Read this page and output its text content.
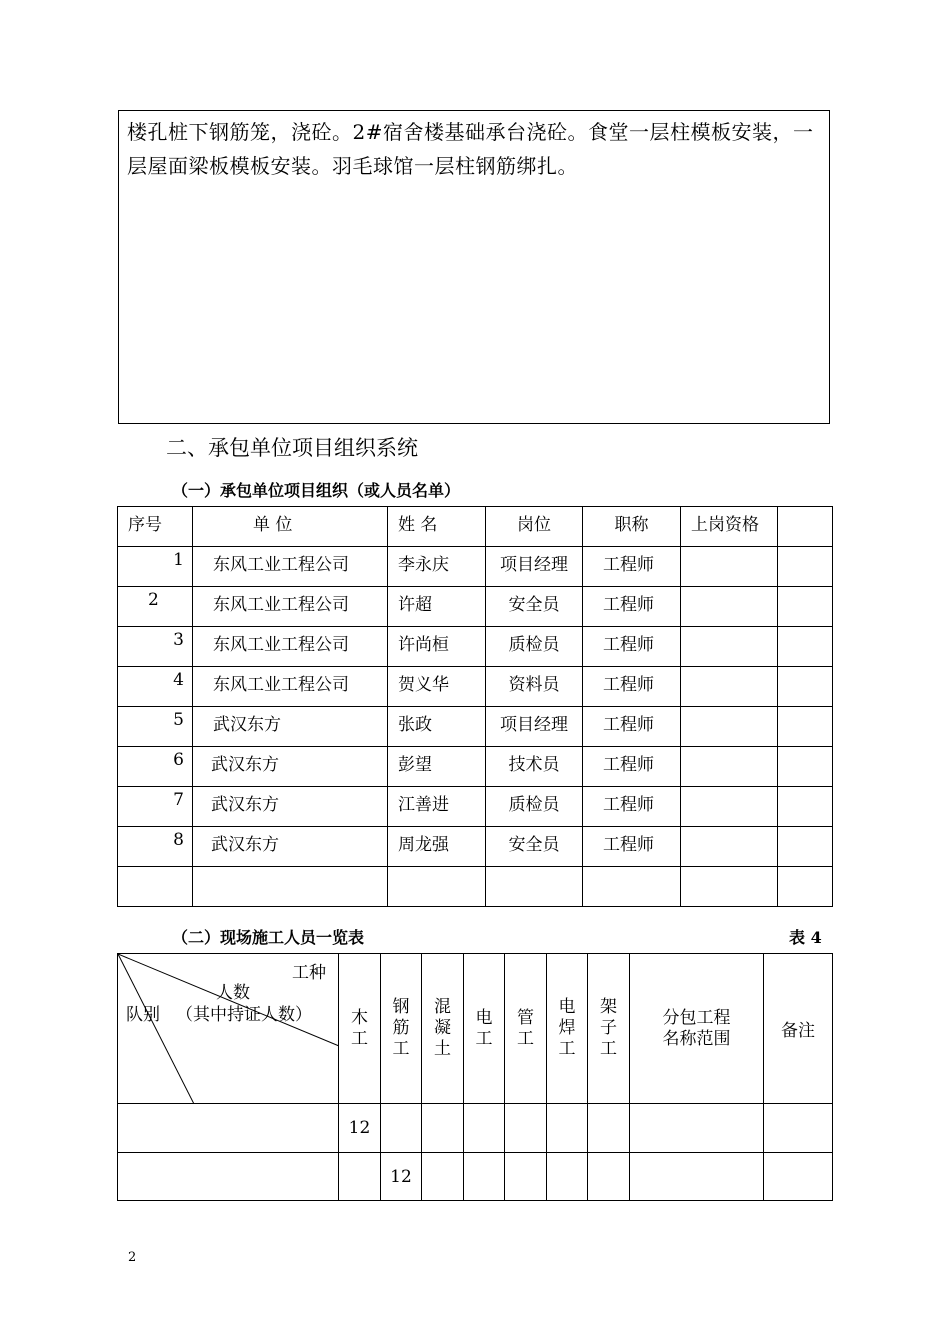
楼孔桩下钢筋笼，浇砼。2#宿舍楼基础承台浇砼。食堂一层柱模板安装，一层屋面梁板模板安装。羽毛球馆一层柱钢筋绑扎。
二、承包单位项目组织系统
（一）承包单位项目组织（或人员名单）
序号	单 位	姓 名	岗位	职称	上岗资格	
1	东风工业工程公司	李永庆	项目经理	工程师		
2	东风工业工程公司	许超	安全员	工程师		
3	东风工业工程公司	许尚桓	质检员	工程师		
4	东风工业工程公司	贺义华	资料员	工程师		
5	武汉东方	张政	项目经理	工程师		
6	武汉东方	彭望	技术员	工程师		
7	武汉东方	江善进	质检员	工程师		
8	武汉东方	周龙强	安全员	工程师		

（二）现场施工人员一览表	表 4
工种
人数
（其中持证人数）
队别	木工	钢筋工	混凝土	电工	管工	电焊工	架子工	分包工程名称范围	备注
	12								
		12							
2
